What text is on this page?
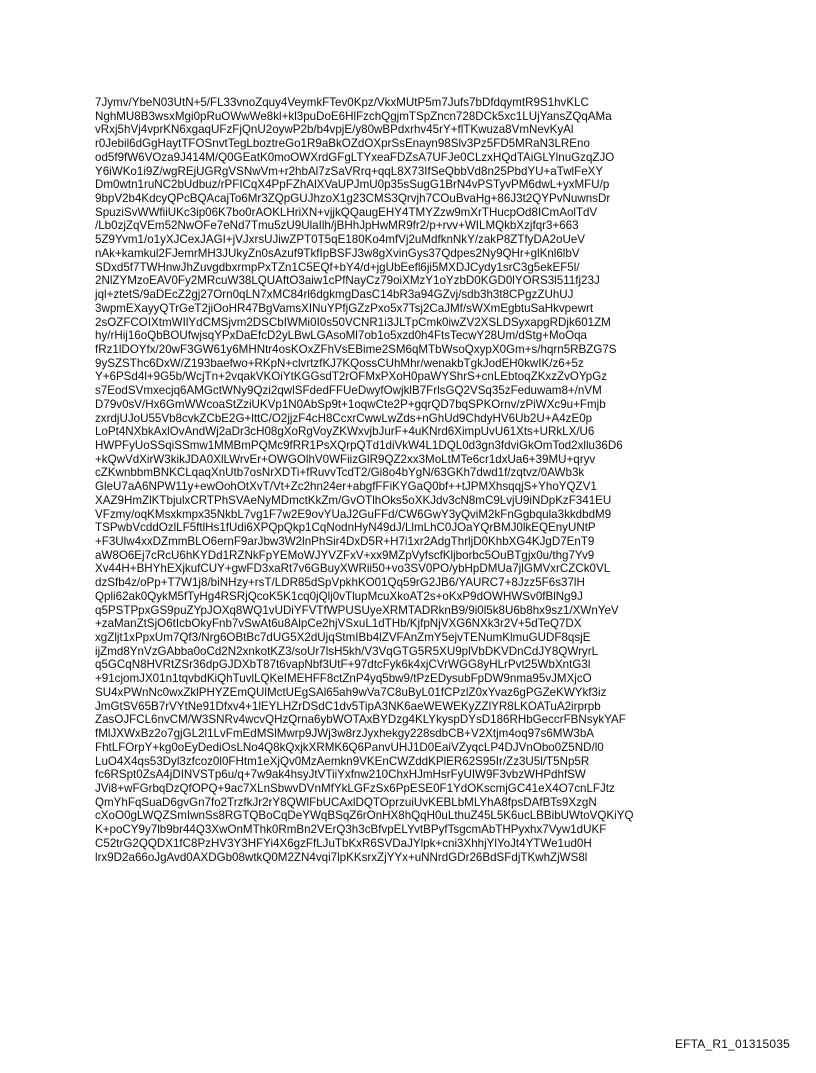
7Jymv/YbeN03UtN+5/FL33vnoZquy4VeymkFTev0Kpz/VkxMUtP5m7Jufs7bDfdqymtR9S1hvKLC
NghMU8B3wsxMgi0pRuOWwWe8kl+kl3puDoE6HlFzchQgjmTSpZncn728DCk5xc1LUjYansZQqAMa
vRxj5hVj4vprKN6xgaqUFzFjQnU2oywP2b/b4vpjE/y80wBPdxrhv45rY+flTKwuza8VmNevKyAl
r0Jebil6dGgHaytTFOSnvtTegLboztreGo1R9aBkOZdOXprSsEnayn98Slv3Pz5FD5MRaN3LREno
od5f9fW6VOza9J414M/Q0GEatK0moOWXrdGFgLTYxeaFDZsA7UFJe0CLzxHQdTAiGLYlnuGzqZJO
Y6iWKo1i9Z/wgREjUGRgVSNwVm+r2hbAl7zSaVRrq+qqL8X73IfSeQbbVd8n25PbdYU+aTwlFeXY
Dm0wtn1ruNC2bUdbuz/rPFICqX4PpFZhAlXVaUPJmU0p35sSugG1BrN4vPSTyvPM6dwL+yxMFU/p
9bpV2b4KdcyQPcBQAcajTo6Mr3ZQpGUJhzoX1g23CMS3Qrvjh7COuBvaHg+86J3t2QYPvNuwnsDr
SpuziSvWWfiiUKc3ip06K7bo0rAOKLHriXN+vjjkQQaugEHY4TMYZzw9mXrTHucpOd8ICmAolTdV
/Lb0zjZqVEm52NwOFe7eNd7Tmu5zU9UlaIlh/jBHhJpHwMR9fr2/p+rvv+WILMQkbXzjfqr3+663
5Z9Yvm1/o1yXJCexJAGI+jVJxrsUJiwZPT0T5qE180Ko4mfVj2uMdfknNkY/zakP8ZTfyDA2oUeV
nAk+kamkul2FJemrMH3JUkyZn0sAzuf9TkfIpBSFJ3w8gXvinGys37Qdpes2Ny9QHr+glKnl6lbV
SDxd5f7TWHnwJhZuvgdbxrmpPxTZn1C5EQf+bY4/d+jgUbEefl6ji5MXDJCydy1srC3g5ekEF5l/
2NlZYMzoEAV0Fy2MRcuW38LQUAftO3aiw1cPfNayCz79oiXMzY1oYzbD0KGD0lYORS3l511fj23J
jql+ztetS/9aDEcZ2gj27Orn0qLN7xMC84rl6dgkmgDasC14bR3a94GZvj/sdb3h3t8CPgzZUhUJ
3wpmEXayyQTrGeT2jiOoHR47BgVamsXINuYPfjGZzPxo5x7Tsj2CaJMf/sWXmEgbtuSaHkvpewrt
2sOZFCOIXtmWIlYdCMSjvm2DSCbIWMi0I0s50VCNR1i3JLTpCmk0iwZV2XSLDSyxapgRDjk601ZM
hy/rHij16oQbBOUfwjsqYPxDaEfcD2yLBwLGAsoMl7ob1o5xzd0h4FtsTecwY28Um/dStg+MoOqa
fRz1lDOYfx/20wF3GW61y6MHNtr4osKOxZFhVsEBime2SM6qMTbWsoQxypX0Gm+s/hqrn5RBZG7S
9ySZSThc6DxW/Z193baefwo+RKpN+clvrtzfKJ7KQossCUhMhr/wenakbTgkJodEH0kwIK/z6+5z
Y+6PSd4l+9G5b/WcjTn+2vqakVKOiYtKGGsdT2rOFMxPXoH0paWYShrS+cnLEbtoqZKxzZvOYpGz
s7EodSVmxecjq6AMGctWNy9Qzi2qwlSFdedFFUeDwyfOwjklB7FrlsGQ2VSq35zFeduwam8+/nVM
D79v0sV/Hx6GmWWcoaStZziUKVp1N0AbSp9t+1oqwCte2P+gqrQD7bqSPKOrnv/zPiWXc9u+Fmjb
zxrdjUJoU55Vb8cvkZCbE2G+lttC/O2jjzF4cH8CcxrCwwLwZds+nGhUd9ChdyHV6Ub2U+A4zE0p
LoPt4NXbkAxlOvAndWj2aDr3cH08gXoRgVoyZKWxvjbJurF+4uKNrd6XimpUvU61Xts+URkLX/U6
HWPFyUoSSqiSSmw1MMBmPQMc9fRR1PsXQrpQTd1diVkW4L1DQL0d3gn3fdviGkOmTod2xllu36D6
+kQwVdXirW3kikJDA0XlLWrvEr+OWGOlhV0WFiizGlR9QZ2xx3MoLtMTe6cr1dxUa6+39MU+qryv
cZKwnbbmBNKCLqaqXnUtb7osNrXDTi+fRuvvTcdT2/Gi8o4bYgN/63GKh7dwd1f/zqtvz/0AWb3k
GleU7aA6NPW11y+ewOohOtXvT/Vt+Zc2hn24er+abgfFFiKYGaQ0bf++tJPMXhsqqjS+YhoYQZV1
XAZ9HmZlKTbjulxCRTPhSVAeNyMDmctKkZm/GvOTlhOks5oXKJdv3cN8mC9LvjU9iNDpKzF341EU
VFzmy/oqKMsxkmpx35NkbL7vg1F7w2E9ovYUaJ2GuFFd/CW6GwY3yQviM2kFnGgbqula3kkdbdM9
TSPwbVcddOzlLF5ftlHs1fUdi6XPQpQkp1CqNodnHyN49dJ/LlmLhC0JOaYQrBMJ0lkEQEnyUNtP
+F3Ulw4xxDZmmBLO6ernF9arJbw3W2lnPhSir4DxD5R+H7i1xr2AdgThrljD0KhbXG4KJgD7EnT9
aW8O6Ej7cRcU6hKYDd1RZNkFpYEMoWJYVZFxV+xx9MZpVyfscfKljborbc5OuBTgjx0u/thg7Yv9
Xv44H+BHYhEXjkufCUY+gwFD3xaRt7v6GBuyXWRii50+vo3SV0PO/ybHpDMUa7jlGMVxrCZCk0VL
dzSfb4z/oPp+T7W1j8/biNHzy+rsT/LDR85dSpVpkhKO01Qq59rG2JB6/YAURC7+8Jzz5F6s37lH
Qpli62ak0QykM5fTyHg4RSRjQcoK5K1cq0jQlj0vTlupMcuXkoAT2s+oKxP9dOWHWSv0fBlNg9J
q5PSTPpxGS9puZYpJOXq8WQ1vUDiYFVTfWPUSUyeXRMTADRknB9/9i0l5k8U6b8hx9sz1/XWnYeV
+zaManZtSjO6tIcbOkyFnb7vSwAt6u8AlpCe2hjVSxuL1dTHb/KjfpNjVXG6NXk3r2V+5dTeQ7DX
xgZljt1xPpxUm7Qf3/Nrg6OBtBc7dUG5X2dUjqStmIBb4lZVFAnZmY5ejvTENumKlmuGUDF8qsjE
ijZmd8YnVzGAbba0oCd2N2xnkotKZ3/soUr7lsH5kh/V3VqGTG5R5XU9plVbDKVDnCdJY8QWryrL
q5GCqN8HVRtZSr36dpGJDXbT87t6vapNbf3UtF+97dtcFyk6k4xjCVrWGG8yHLrPvt25WbXntG3l
+91cjomJX01n1tqvbdKiQhTuvlLQKeIMEHFF8ctZnP4yq5bw9/tPzEDysubFpDW9nma95vJMXjcO
SU4xPWnNc0wxZklPHYZEmQUlMctUEgSAl65ah9wVa7C8uByL01fCPzlZ0xYvaz6gPGZeKWYkf3iz
JmGtSV65B7rVYtNe91Dfxv4+1lEYLHZrDSdC1dv5TipA3NK6aeWEWEKyZZlYR8LKOATuA2irprpb
ZasOJFCL6nvCM/W3SNRv4wcvQHzQrna6ybWOTAxBYDzg4KLYkyspDYsD186RHbGeccrFBNsykYAF
fMlJXWxBz2o7gjGL2l1LvFmEdMSlMwrp9JWj3w8rzJyxhekgy228sdbCB+V2Xtjm4oq97s6MW3bA
FhtLFOrpY+kg0oEyDediOsLNo4Q8kQxjkXRMK6Q6PanvUHJ1D0EaiVZyqcLP4DJVnObo0Z5ND/l0
LuO4X4qs53Dyl3zfcoz0l0FHtm1eXjQv0MzAemkn9VKEnCWZddKPlER62S95Ir/Zz3U5l/T5Np5R
fc6RSpt0ZsA4jDINVSTp6u/q+7w9ak4hsyJtVTiiYxfnw210ChxHJmHsrFyUIW9F3vbzWHPdhfSW
JVi8+wFGrbqDzQfOPQ+9ac7XLnSbwvDVnMfYkLGFzSx6PpESE0F1YdOKscmjGC41eX4O7cnLFJtz
QmYhFqSuaD6gvGn7fo2TrzfkJr2rY8QWlFbUCAxlDQTOprzuiUvKEBLbMLYhA8fpsDAfBTs9XzgN
cXoO0gLWQZSmIwnSs8RGTQBoCqDeYWqBSqZ6rOnHX8hQqH0uLthuZ45L5K6ucLBBibUWtoVQKiYQ
K+poCY9y7lb9br44Q3XwOnMThk0RmBn2VErQ3h3cBfvpELYvtBPyfTsgcmAbTHPyxhx7Vyw1dUKF
C52trG2QQDX1fC8PzHV3Y3HFYi4X6gzFfLJuTbKxR6SVDaJYlpk+cni3XhhjYlYoJt4YTWe1ud0H
lrx9D2a66oJgAvd0AXDGb08wtkQ0M2ZN4vqi7lpKKsrxZjYYx+uNNrdGDr26BdSFdjTKwhZjWS8l
EFTA_R1_01315035
